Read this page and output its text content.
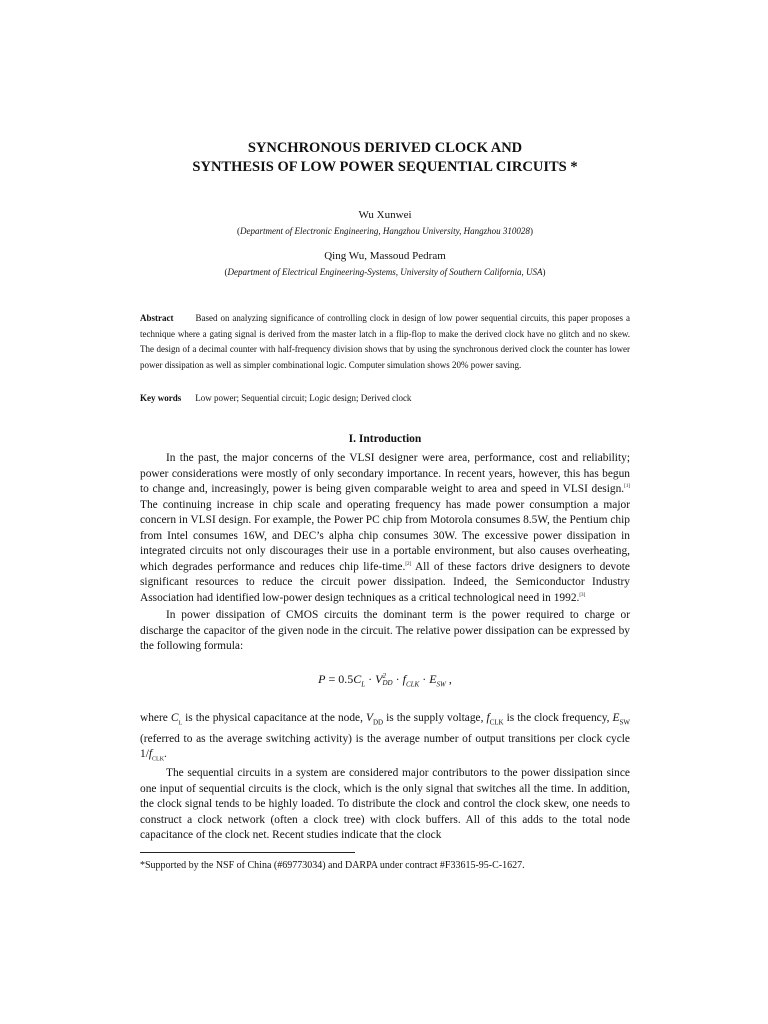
SYNCHRONOUS DERIVED CLOCK AND
SYNTHESIS OF LOW POWER SEQUENTIAL CIRCUITS *
Wu Xunwei
(Department of Electronic Engineering, Hangzhou University, Hangzhou 310028)
Qing Wu, Massoud Pedram
(Department of Electrical Engineering-Systems, University of Southern California, USA)
Abstract Based on analyzing significance of controlling clock in design of low power sequential circuits, this paper proposes a technique where a gating signal is derived from the master latch in a flip-flop to make the derived clock have no glitch and no skew. The design of a decimal counter with half-frequency division shows that by using the synchronous derived clock the counter has lower power dissipation as well as simpler combinational logic. Computer simulation shows 20% power saving.
Key words Low power; Sequential circuit; Logic design; Derived clock
I. Introduction
In the past, the major concerns of the VLSI designer were area, performance, cost and reliability; power considerations were mostly of only secondary importance. In recent years, however, this has begun to change and, increasingly, power is being given comparable weight to area and speed in VLSI design.[1] The continuing increase in chip scale and operating frequency has made power consumption a major concern in VLSI design. For example, the Power PC chip from Motorola consumes 8.5W, the Pentium chip from Intel consumes 16W, and DEC’s alpha chip consumes 30W. The excessive power dissipation in integrated circuits not only discourages their use in a portable environment, but also causes overheating, which degrades performance and reduces chip life-time.[2] All of these factors drive designers to devote significant resources to reduce the circuit power dissipation. Indeed, the Semiconductor Industry Association had identified low-power design techniques as a critical technological need in 1992.[3]
In power dissipation of CMOS circuits the dominant term is the power required to charge or discharge the capacitor of the given node in the circuit. The relative power dissipation can be expressed by the following formula:
$P = 0.5C_L \cdot V$ 2
DD · $f_{CLK} \cdot E_{SW}$ ,
where $C_L$ is the physical capacitance at the node, $V_{DD}$ is the supply voltage, $f_{CLK}$ is the clock frequency, $E_{SW}$ (referred to as the average switching activity) is the average number of output transitions per clock cycle $1/f_{CLK}$.
The sequential circuits in a system are considered major contributors to the power dissipation since one input of sequential circuits is the clock, which is the only signal that switches all the time. In addition, the clock signal tends to be highly loaded. To distribute the clock and control the clock skew, one needs to construct a clock network (often a clock tree) with clock buffers. All of this adds to the total node capacitance of the clock net. Recent studies indicate that the clock
*Supported by the NSF of China (#69773034) and DARPA under contract #F33615-95-C-1627.
